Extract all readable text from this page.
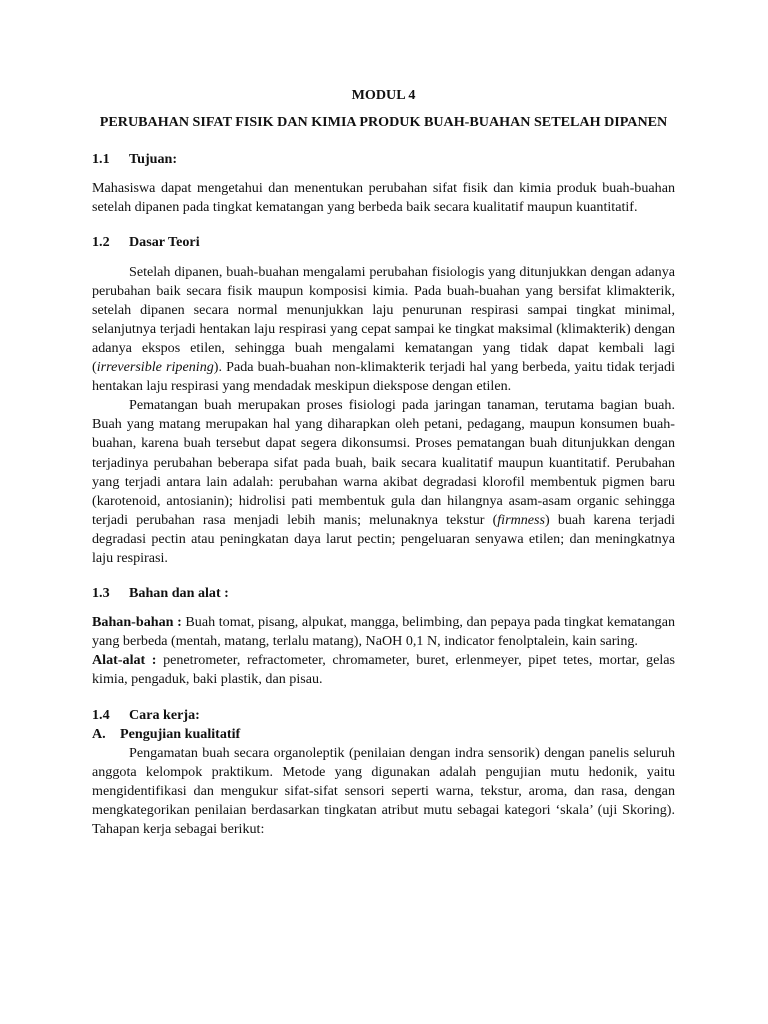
MODUL 4

PERUBAHAN SIFAT FISIK DAN KIMIA PRODUK BUAH-BUAHAN SETELAH DIPANEN

1.1 Tujuan:

Mahasiswa dapat mengetahui dan menentukan perubahan sifat fisik dan kimia produk buah-buahan setelah dipanen pada tingkat kematangan yang berbeda baik secara kualitatif maupun kuantitatif.

1.2 Dasar Teori

Setelah dipanen, buah-buahan mengalami perubahan fisiologis yang ditunjukkan dengan adanya perubahan baik secara fisik maupun komposisi kimia. Pada buah-buahan yang bersifat klimakterik, setelah dipanen secara normal menunjukkan laju penurunan respirasi sampai tingkat minimal, selanjutnya terjadi hentakan laju respirasi yang cepat sampai ke tingkat maksimal (klimakterik) dengan adanya ekspos etilen, sehingga buah mengalami kematangan yang tidak dapat kembali lagi (irreversible ripening). Pada buah-buahan non-klimakterik terjadi hal yang berbeda, yaitu tidak terjadi hentakan laju respirasi yang mendadak meskipun diekspose dengan etilen.

Pematangan buah merupakan proses fisiologi pada jaringan tanaman, terutama bagian buah. Buah yang matang merupakan hal yang diharapkan oleh petani, pedagang, maupun konsumen buah-buahan, karena buah tersebut dapat segera dikonsumsi. Proses pematangan buah ditunjukkan dengan terjadinya perubahan beberapa sifat pada buah, baik secara kualitatif maupun kuantitatif. Perubahan yang terjadi antara lain adalah: perubahan warna akibat degradasi klorofil membentuk pigmen baru (karotenoid, antosianin); hidrolisi pati membentuk gula dan hilangnya asam-asam organic sehingga terjadi perubahan rasa menjadi lebih manis; melunaknya tekstur (firmness) buah karena terjadi degradasi pectin atau peningkatan daya larut pectin; pengeluaran senyawa etilen; dan meningkatnya laju respirasi.

1.3 Bahan dan alat :

Bahan-bahan : Buah tomat, pisang, alpukat, mangga, belimbing, dan pepaya pada tingkat kematangan yang berbeda (mentah, matang, terlalu matang), NaOH 0,1 N, indicator fenolptalein, kain saring.

Alat-alat : penetrometer, refractometer, chromameter, buret, erlenmeyer, pipet tetes, mortar, gelas kimia, pengaduk, baki plastik, dan pisau.

1.4 Cara kerja:

A. Pengujian kualitatif

Pengamatan buah secara organoleptik (penilaian dengan indra sensorik) dengan panelis seluruh anggota kelompok praktikum. Metode yang digunakan adalah pengujian mutu hedonik, yaitu mengidentifikasi dan mengukur sifat-sifat sensori seperti warna, tekstur, aroma, dan rasa, dengan mengkategorikan penilaian berdasarkan tingkatan atribut mutu sebagai kategori ‘skala’ (uji Skoring). Tahapan kerja sebagai berikut:
